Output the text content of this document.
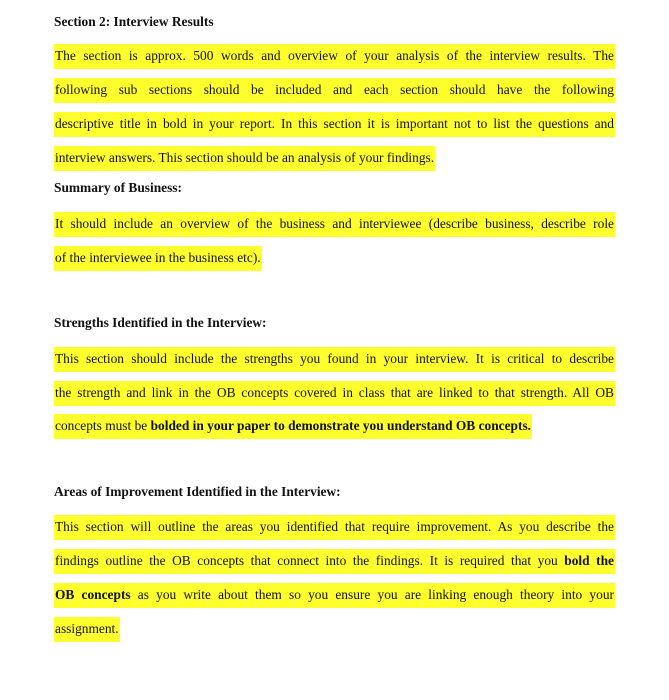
Section 2: Interview Results
The section is approx. 500 words and overview of your analysis of the interview results. The
following sub sections should be included and each section should have the following
descriptive title in bold in your report. In this section it is important not to list the questions and
interview answers. This section should be an analysis of your findings.
Summary of Business:
It should include an overview of the business and interviewee (describe business, describe role
of the interviewee in the business etc).
Strengths Identified in the Interview:
This section should include the strengths you found in your interview. It is critical to describe
the strength and link in the OB concepts covered in class that are linked to that strength. All OB
concepts must be bolded in your paper to demonstrate you understand OB concepts.
Areas of Improvement Identified in the Interview:
This section will outline the areas you identified that require improvement. As you describe the
findings outline the OB concepts that connect into the findings. It is required that you bold the
OB concepts as you write about them so you ensure you are linking enough theory into your
assignment.
